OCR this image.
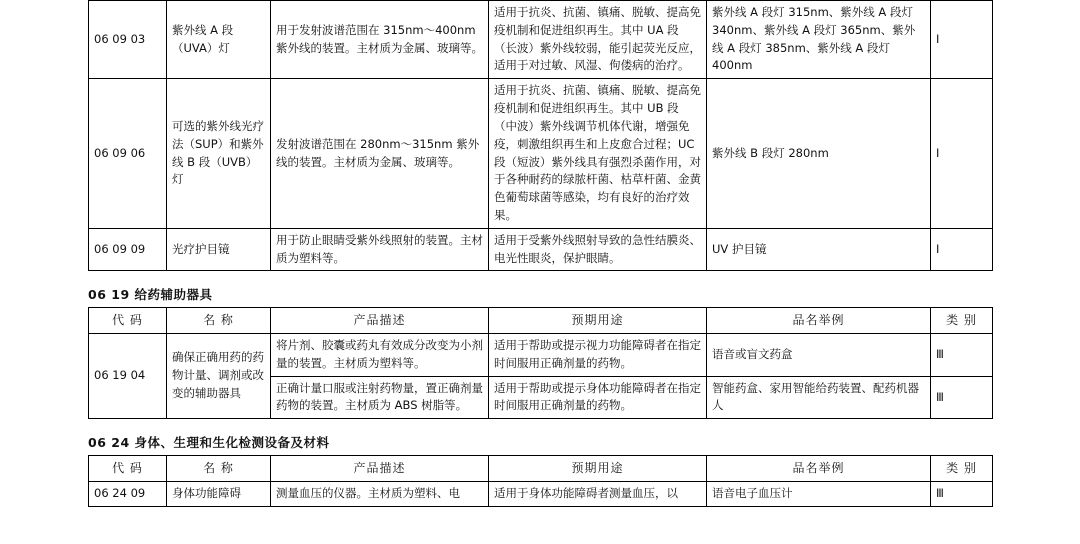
06 09 03	紫外线 A 段（UVA）灯	用于发射波谱范围在 315nm～400nm 紫外线的装置。主材质为金属、玻璃等。	适用于抗炎、抗菌、镇痛、脱敏、提高免疫机制和促进组织再生。其中 UA 段（长波）紫外线较弱，能引起荧光反应，适用于对过敏、风湿、佝偻病的治疗。	紫外线 A 段灯 315nm、紫外线 A 段灯 340nm、紫外线 A 段灯 365nm、紫外线 A 段灯 385nm、紫外线 A 段灯 400nm	Ⅰ
06 09 06	可选的紫外线光疗法（SUP）和紫外线 B 段（UVB）灯	发射波谱范围在 280nm～315nm 紫外线的装置。主材质为金属、玻璃等。	适用于抗炎、抗菌、镇痛、脱敏、提高免疫机制和促进组织再生。其中 UB 段（中波）紫外线调节机体代谢，增强免疫，刺激组织再生和上皮愈合过程；UC 段（短波）紫外线具有强烈杀菌作用，对于各种耐药的绿脓杆菌、枯草杆菌、金黄色葡萄球菌等感染，均有良好的治疗效果。	紫外线 B 段灯 280nm	Ⅰ
06 09 09	光疗护目镜	用于防止眼睛受紫外线照射的装置。主材质为塑料等。	适用于受紫外线照射导致的急性结膜炎、电光性眼炎，保护眼睛。	UV 护目镜	Ⅰ
06 19 给药辅助器具
代 码	名 称	产品描述	预期用途	品名举例	类 别
06 19 04	确保正确用药的药物计量、调剂或改变的辅助器具	将片剂、胶囊或药丸有效成分改变为小剂量的装置。主材质为塑料等。	适用于帮助或提示视力功能障碍者在指定时间服用正确剂量的药物。	语音或盲文药盒	Ⅲ
		正确计量口服或注射药物量，置正确剂量药物的装置。主材质为 ABS 树脂等。	适用于帮助或提示身体功能障碍者在指定时间服用正确剂量的药物。	智能药盒、家用智能给药装置、配药机器人	Ⅲ
06 24 身体、生理和生化检测设备及材料
代 码	名 称	产品描述	预期用途	品名举例	类 别
06 24 09	身体功能障碍	测量血压的仪器。主材质为塑料、电	适用于身体功能障碍者测量血压，以	语音电子血压计	Ⅲ
